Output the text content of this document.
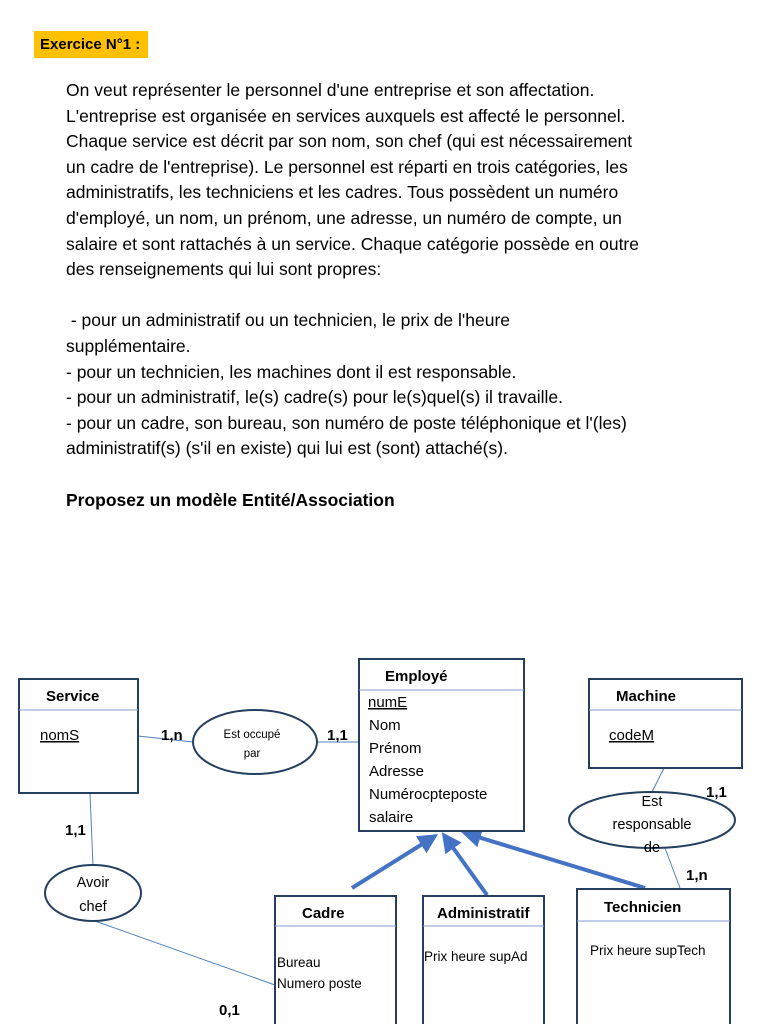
Exercice N°1 :

On veut représenter le personnel d'une entreprise et son affectation.

L'entreprise est organisée en services auxquels est affecté le personnel.

Chaque service est décrit par son nom, son chef (qui est nécessairement

un cadre de l'entreprise). Le personnel est réparti en trois catégories, les

administratifs, les techniciens et les cadres. Tous possèdent un numéro

d'employé, un nom, un prénom, une adresse, un numéro de compte, un

salaire et sont rattachés à un service. Chaque catégorie possède en outre

des renseignements qui lui sont propres:

- pour un administratif ou un technicien, le prix de l'heure

supplémentaire.

- pour un technicien, les machines dont il est responsable.

- pour un administratif, le(s) cadre(s) pour le(s)quel(s) il travaille.

- pour un cadre, son bureau, son numéro de poste téléphonique et l'(les)

administratif(s) (s'il en existe) qui lui est (sont) attaché(s).

Proposez un modèle Entité/Association

Service
nomS
Employé
numE
Nom
Prénom
Adresse
Numérocpteposte
salaire
Machine
codeM
Cadre
Bureau
Numero poste
Administratif
Prix heure supAd
Technicien
Prix heure supTech
Est occupé
par
Avoir
chef
Est
responsable
de
1,n	1,1
1,1
0,1
1,1
1,n
